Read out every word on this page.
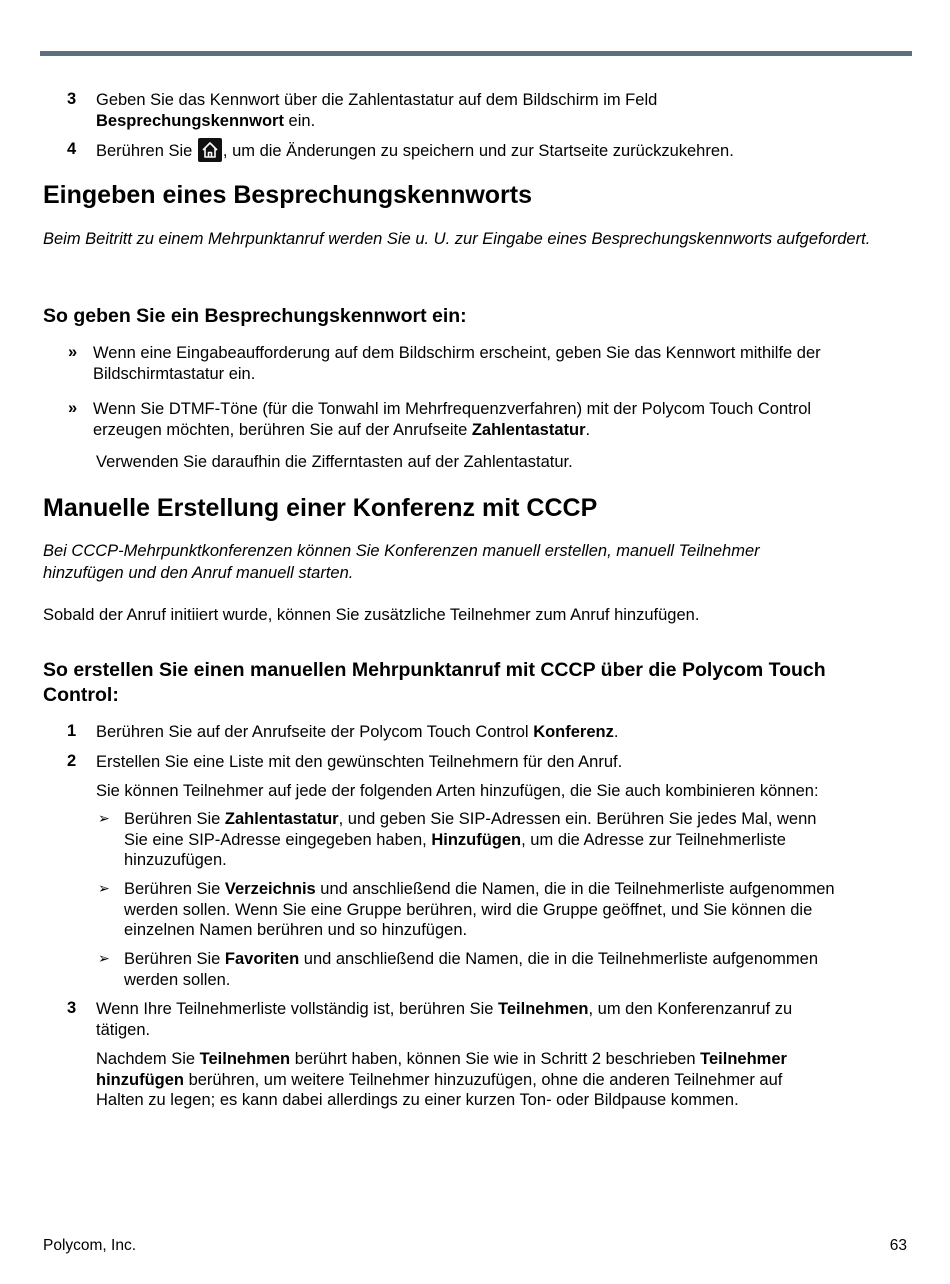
3 Geben Sie das Kennwort über die Zahlentastatur auf dem Bildschirm im Feld
Besprechungskennwort ein.
4 Berühren Sie
, um die Änderungen zu speichern und zur Startseite zurückzukehren.
Eingeben eines Besprechungskennworts
Beim Beitritt zu einem Mehrpunktanruf werden Sie u. U. zur Eingabe eines Besprechungskennworts aufgefordert.
So geben Sie ein Besprechungskennwort ein:
» Wenn eine Eingabeaufforderung auf dem Bildschirm erscheint, geben Sie das Kennwort mithilfe der
Bildschirmtastatur ein.
» Wenn Sie DTMF-Töne (für die Tonwahl im Mehrfrequenzverfahren) mit der Polycom Touch Control
erzeugen möchten, berühren Sie auf der Anrufseite Zahlentastatur.
Verwenden Sie daraufhin die Zifferntasten auf der Zahlentastatur.
Manuelle Erstellung einer Konferenz mit CCCP
Bei CCCP-Mehrpunktkonferenzen können Sie Konferenzen manuell erstellen, manuell Teilnehmer
hinzufügen und den Anruf manuell starten.
Sobald der Anruf initiiert wurde, können Sie zusätzliche Teilnehmer zum Anruf hinzufügen.
So erstellen Sie einen manuellen Mehrpunktanruf mit CCCP über die Polycom Touch
Control:
1 Berühren Sie auf der Anrufseite der Polycom Touch Control Konferenz.
2 Erstellen Sie eine Liste mit den gewünschten Teilnehmern für den Anruf.
Sie können Teilnehmer auf jede der folgenden Arten hinzufügen, die Sie auch kombinieren können:
➢ Berühren Sie Zahlentastatur, und geben Sie SIP-Adressen ein. Berühren Sie jedes Mal, wenn
Sie eine SIP-Adresse eingegeben haben, Hinzufügen, um die Adresse zur Teilnehmerliste
hinzuzufügen.
➢ Berühren Sie Verzeichnis und anschließend die Namen, die in die Teilnehmerliste aufgenommen
werden sollen. Wenn Sie eine Gruppe berühren, wird die Gruppe geöffnet, und Sie können die
einzelnen Namen berühren und so hinzufügen.
➢ Berühren Sie Favoriten und anschließend die Namen, die in die Teilnehmerliste aufgenommen
werden sollen.
3 Wenn Ihre Teilnehmerliste vollständig ist, berühren Sie Teilnehmen, um den Konferenzanruf zu
tätigen.
Nachdem Sie Teilnehmen berührt haben, können Sie wie in Schritt 2 beschrieben Teilnehmer
hinzufügen berühren, um weitere Teilnehmer hinzuzufügen, ohne die anderen Teilnehmer auf
Halten zu legen; es kann dabei allerdings zu einer kurzen Ton- oder Bildpause kommen.
Polycom, Inc.	63
